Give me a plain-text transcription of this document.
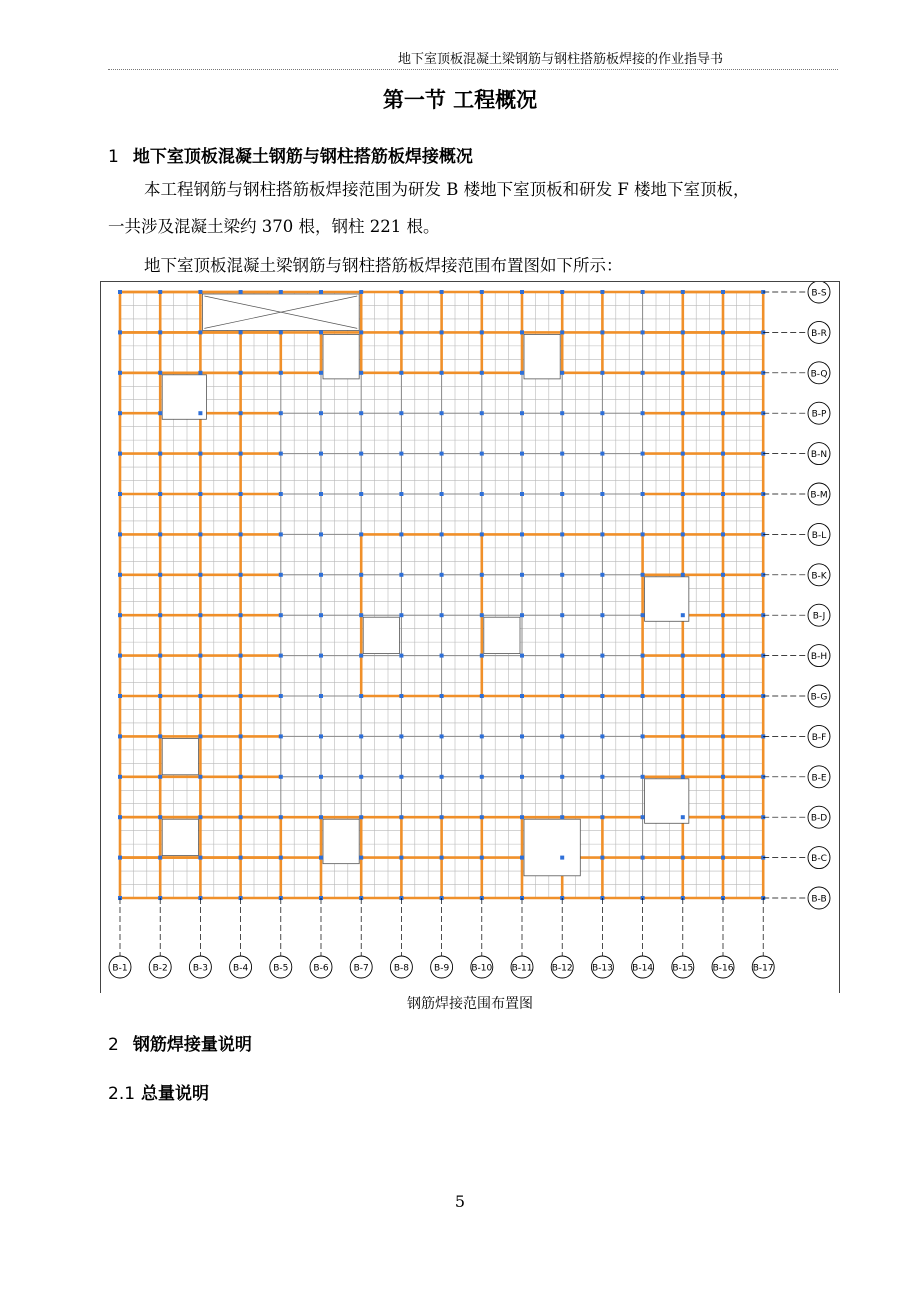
地下室顶板混凝土梁钢筋与钢柱搭筋板焊接的作业指导书
第一节 工程概况
1 地下室顶板混凝土钢筋与钢柱搭筋板焊接概况
本工程钢筋与钢柱搭筋板焊接范围为研发 B 楼地下室顶板和研发 F 楼地下室顶板，
一共涉及混凝土梁约 370 根，钢柱 221 根。
地下室顶板混凝土梁钢筋与钢柱搭筋板焊接范围布置图如下所示：
B-1	B-2	B-3	B-4	B-5	B-6	B-7	B-8	B-9 B-10 B-11 B-12 B-13 B-14 B-15 B-16 B-17
B-S
B-R
B-Q
B-P
B-N
B-M
B-L
B-K
B-J
B-H
B-G
B-F
B-E
B-D
B-C
B-B
钢筋焊接范围布置图
2 钢筋焊接量说明
2.1 总量说明
5
